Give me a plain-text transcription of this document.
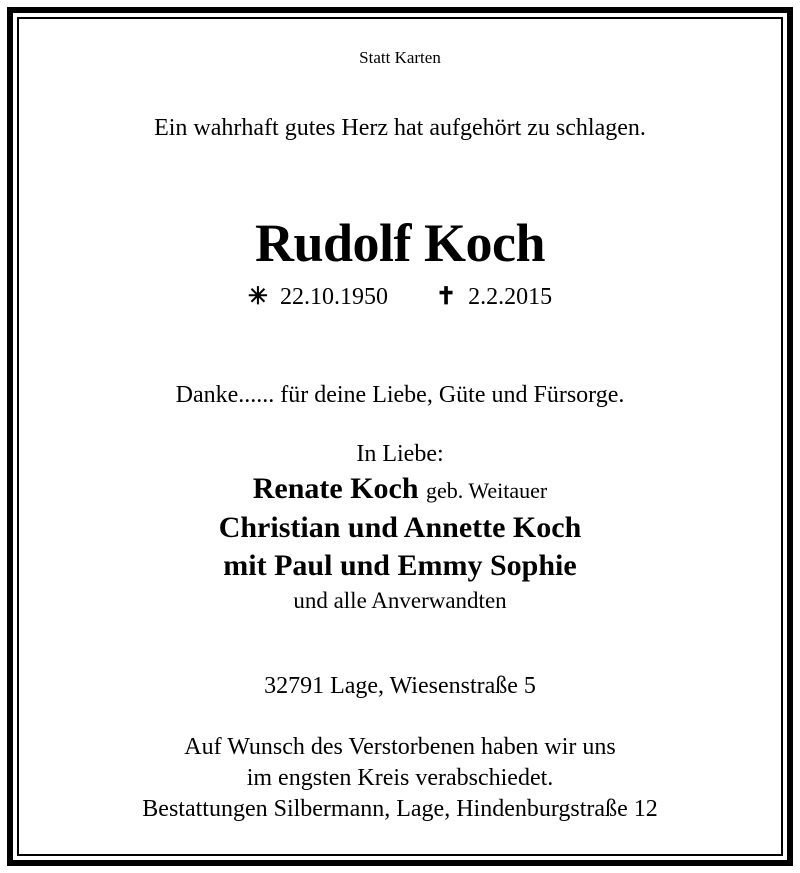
Statt Karten
Ein wahrhaft gutes Herz hat aufgehört zu schlagen.
Rudolf Koch
✳ 22.10.1950 ✝ 2.2.2015
Danke...... für deine Liebe, Güte und Fürsorge.
In Liebe:
Renate Koch geb. Weitauer
Christian und Annette Koch
mit Paul und Emmy Sophie
und alle Anverwandten
32791 Lage, Wiesenstraße 5
Auf Wunsch des Verstorbenen haben wir uns
im engsten Kreis verabschiedet.
Bestattungen Silbermann, Lage, Hindenburgstraße 12
